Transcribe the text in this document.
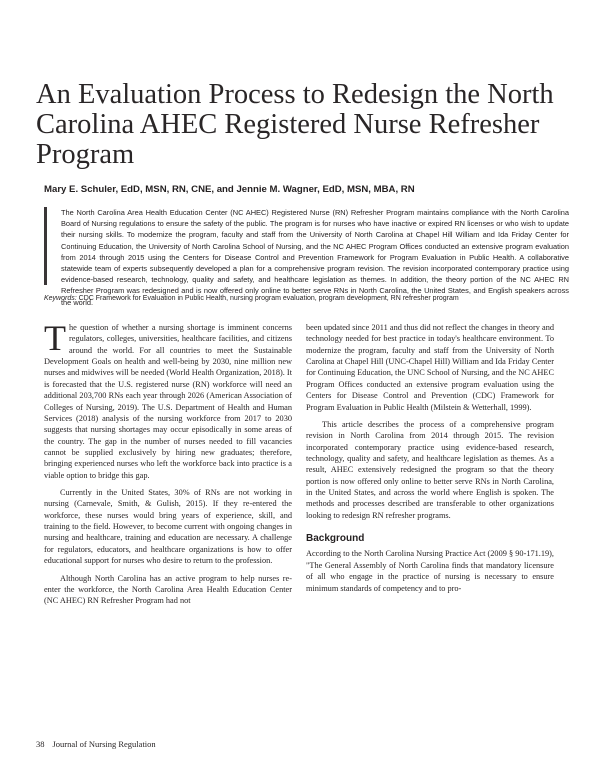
An Evaluation Process to Redesign the North Carolina AHEC Registered Nurse Refresher Program
Mary E. Schuler, EdD, MSN, RN, CNE, and Jennie M. Wagner, EdD, MSN, MBA, RN

The North Carolina Area Health Education Center (NC AHEC) Registered Nurse (RN) Refresher Program maintains compliance with the North Carolina Board of Nursing regulations to ensure the safety of the public. The program is for nurses who have inactive or expired RN licenses or who wish to update their nursing skills. To modernize the program, faculty and staff from the University of North Carolina at Chapel Hill William and Ida Friday Center for Continuing Education, the University of North Carolina School of Nursing, and the NC AHEC Program Offices conducted an extensive program evaluation from 2014 through 2015 using the Centers for Disease Control and Prevention Framework for Program Evaluation in Public Health. A collaborative statewide team of experts subsequently developed a plan for a comprehensive program revision. The revision incorporated contemporary practice using evidence-based research, technology, quality and safety, and healthcare legislation as themes. In addition, the theory portion of the NC AHEC RN Refresher Program was redesigned and is now offered only online to better serve RNs in North Carolina, the United States, and English speakers across the world.

Keywords: CDC Framework for Evaluation in Public Health, nursing program evaluation, program development, RN refresher program

The question of whether a nursing shortage is imminent concerns regulators, colleges, universities, healthcare facilities, and citizens around the world. For all countries to meet the Sustainable Development Goals on health and well-being by 2030, nine million new nurses and midwives will be needed (World Health Organization, 2018). It is forecasted that the U.S. registered nurse (RN) workforce will need an additional 203,700 RNs each year through 2026 (American Association of Colleges of Nursing, 2019). The U.S. Department of Health and Human Services (2018) analysis of the nursing workforce from 2017 to 2030 suggests that nursing shortages may occur episodically in some areas of the country. The gap in the number of nurses needed to fill vacancies cannot be supplied exclusively by hiring new graduates; therefore, bringing experienced nurses who left the workforce back into practice is a viable option to bridge this gap.

Currently in the United States, 30% of RNs are not working in nursing (Carnevale, Smith, & Gulish, 2015). If they re-entered the workforce, these nurses would bring years of experience, skill, and training to the field. However, to become current with ongoing changes in nursing and healthcare, training and education are necessary. A challenge for regulators, educators, and healthcare organizations is how to offer educational support for nurses who desire to return to the profession.

Although North Carolina has an active program to help nurses re-enter the workforce, the North Carolina Area Health Education Center (NC AHEC) RN Refresher Program had not

been updated since 2011 and thus did not reflect the changes in theory and technology needed for best practice in today's healthcare environment. To modernize the program, faculty and staff from the University of North Carolina at Chapel Hill (UNC-Chapel Hill) William and Ida Friday Center for Continuing Education, the UNC School of Nursing, and the NC AHEC Program Offices conducted an extensive program evaluation using the Centers for Disease Control and Prevention (CDC) Framework for Program Evaluation in Public Health (Milstein & Wetterhall, 1999).

This article describes the process of a comprehensive program revision in North Carolina from 2014 through 2015. The revision incorporated contemporary practice using evidence-based research, technology, quality and safety, and healthcare legislation as themes. As a result, AHEC extensively redesigned the program so that the theory portion is now offered only online to better serve RNs in North Carolina, in the United States, and across the world where English is spoken. The methods and processes described are transferable to other organizations looking to redesign RN refresher programs.

Background

According to the North Carolina Nursing Practice Act (2009 § 90-171.19), "The General Assembly of North Carolina finds that mandatory licensure of all who engage in the practice of nursing is necessary to ensure minimum standards of competency and to pro-

38 Journal of Nursing Regulation
